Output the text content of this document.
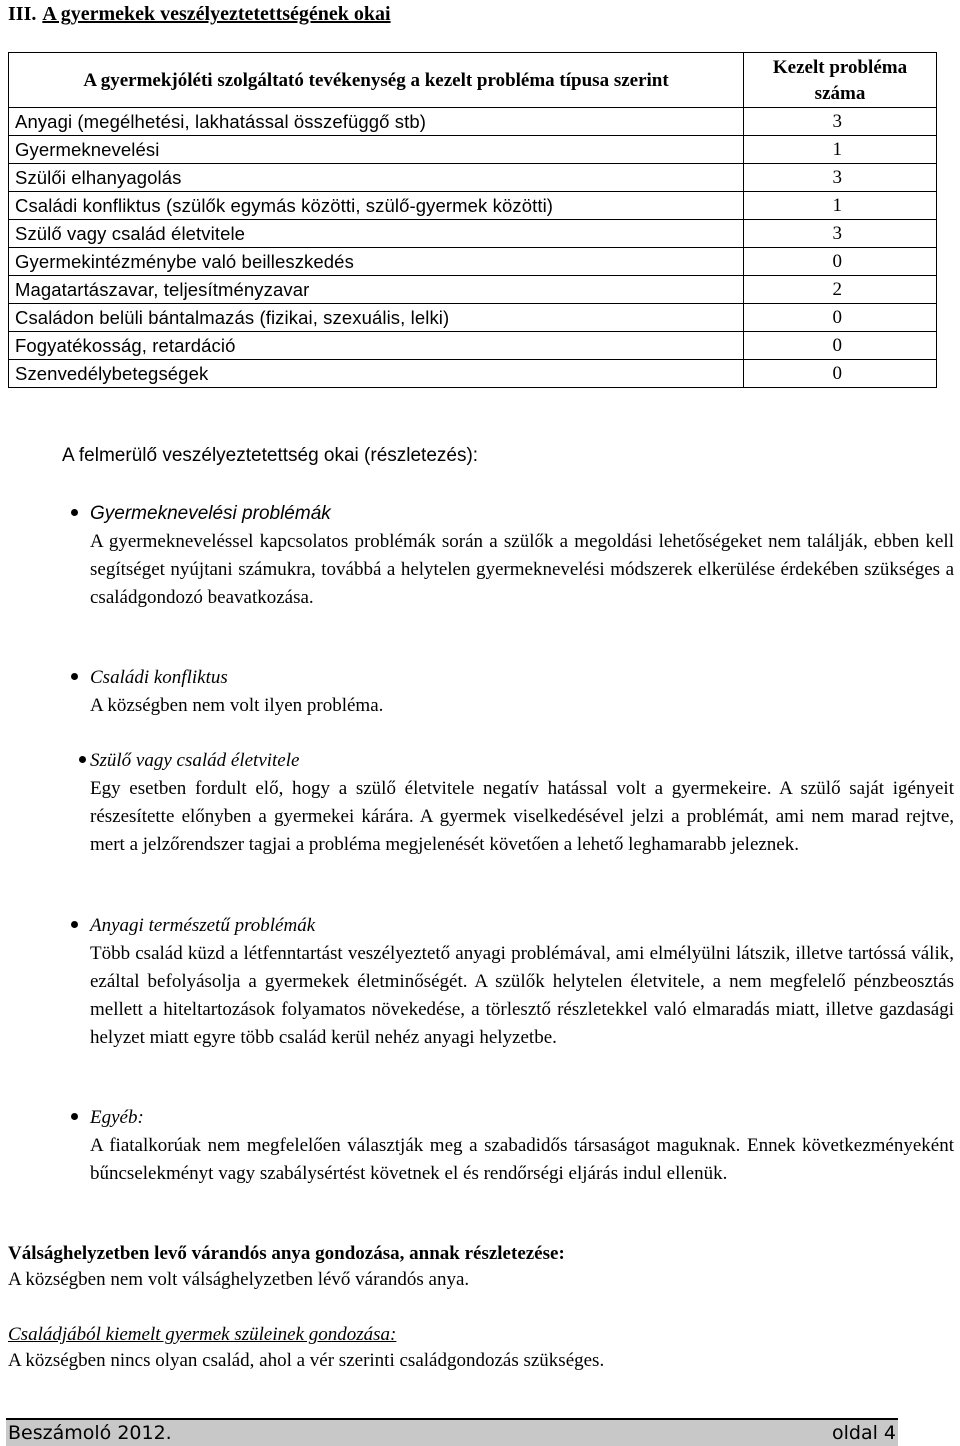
III. A gyermekek veszélyeztetettségének okai
A gyermekjóléti szolgáltató tevékenység a kezelt probléma típusa szerint	Kezelt probléma száma
Anyagi (megélhetési, lakhatással összefüggő stb)	3
Gyermeknevelési	1
Szülői elhanyagolás	3
Családi konfliktus (szülők egymás közötti, szülő-gyermek közötti)	1
Szülő vagy család életvitele	3
Gyermekintézménybe való beilleszkedés	0
Magatartászavar, teljesítményzavar	2
Családon belüli bántalmazás (fizikai, szexuális, lelki)	0
Fogyatékosság, retardáció	0
Szenvedélybetegségek	0
A felmerülő veszélyeztetettség okai (részletezés):
Gyermeknevelési problémák
A gyermekneveléssel kapcsolatos problémák során a szülők a megoldási lehetőségeket nem találják, ebben kell segítséget nyújtani számukra, továbbá a helytelen gyermeknevelési módszerek elkerülése érdekében szükséges a családgondozó beavatkozása.
Családi konfliktus
A községben nem volt ilyen probléma.
Szülő vagy család életvitele
Egy esetben fordult elő, hogy a szülő életvitele negatív hatással volt a gyermekeire. A szülő saját igényeit részesítette előnyben a gyermekei kárára. A gyermek viselkedésével jelzi a problémát, ami nem marad rejtve, mert a jelzőrendszer tagjai a probléma megjelenését követően a lehető leghamarabb jeleznek.
Anyagi természetű problémák
Több család küzd a létfenntartást veszélyeztető anyagi problémával, ami elmélyülni látszik, illetve tartóssá válik, ezáltal befolyásolja a gyermekek életminőségét. A szülők helytelen életvitele, a nem megfelelő pénzbeosztás mellett a hiteltartozások folyamatos növekedése, a törlesztő részletekkel való elmaradás miatt, illetve gazdasági helyzet miatt egyre több család kerül nehéz anyagi helyzetbe.
Egyéb:
A fiatalkorúak nem megfelelően választják meg a szabadidős társaságot maguknak. Ennek következményeként bűncselekményt vagy szabálysértést követnek el és rendőrségi eljárás indul ellenük.
Válsághelyzetben levő várandós anya gondozása, annak részletezése:
A községben nem volt válsághelyzetben lévő várandós anya.
Családjából kiemelt gyermek szüleinek gondozása:
A községben nincs olyan család, ahol a vér szerinti családgondozás szükséges.
Beszámoló 2012.	oldal 4
